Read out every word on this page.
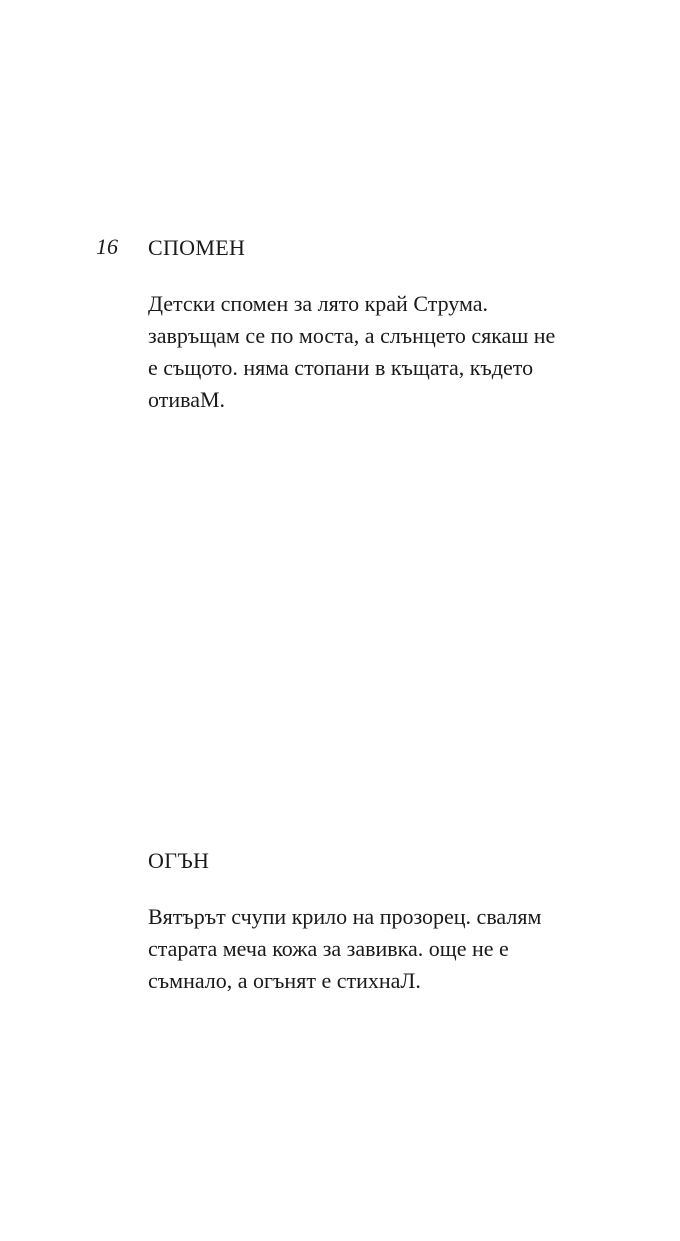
16 СПОМЕН

Детски спомен за лято край Струма.
завръщам се по моста, а слънцето сякаш не
е същото. няма стопани в къщата, където
отиваМ.

ОГЪН

Вятърът счупи крило на прозорец. свалям
старата меча кожа за завивка. още не е
съмнало, а огънят е стихнаЛ.
